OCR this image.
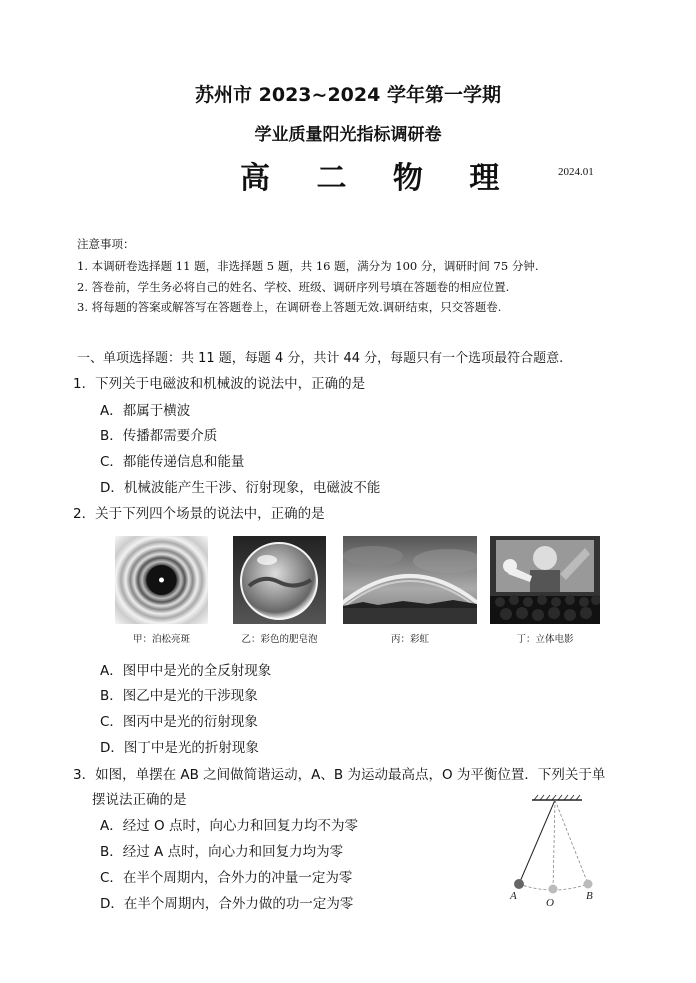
苏州市 2023~2024 学年第一学期
学业质量阳光指标调研卷
高 二 物 理	2024.01
注意事项：
1. 本调研卷选择题 11 题，非选择题 5 题，共 16 题，满分为 100 分，调研时间 75 分钟.
2. 答卷前，学生务必将自己的姓名、学校、班级、调研序列号填在答题卷的相应位置.
3. 将每题的答案或解答写在答题卷上，在调研卷上答题无效.调研结束，只交答题卷.
一、单项选择题：共 11 题，每题 4 分，共计 44 分，每题只有一个选项最符合题意.
1．下列关于电磁波和机械波的说法中，正确的是
A．都属于横波
B．传播都需要介质
C．都能传递信息和能量
D．机械波能产生干涉、衍射现象，电磁波不能
2．关于下列四个场景的说法中，正确的是
甲：泊松亮斑	乙：彩色的肥皂泡	丙：彩虹	丁：立体电影
A．图甲中是光的全反射现象
B．图乙中是光的干涉现象
C．图丙中是光的衍射现象
D．图丁中是光的折射现象
3．如图，单摆在 AB 之间做简谐运动，A、B 为运动最高点，O 为平衡位置．下列关于单
摆说法正确的是
A．经过 O 点时，向心力和回复力均不为零
B．经过 A 点时，向心力和回复力均为零
C．在半个周期内，合外力的冲量一定为零
D．在半个周期内，合外力做的功一定为零	A
O
B
